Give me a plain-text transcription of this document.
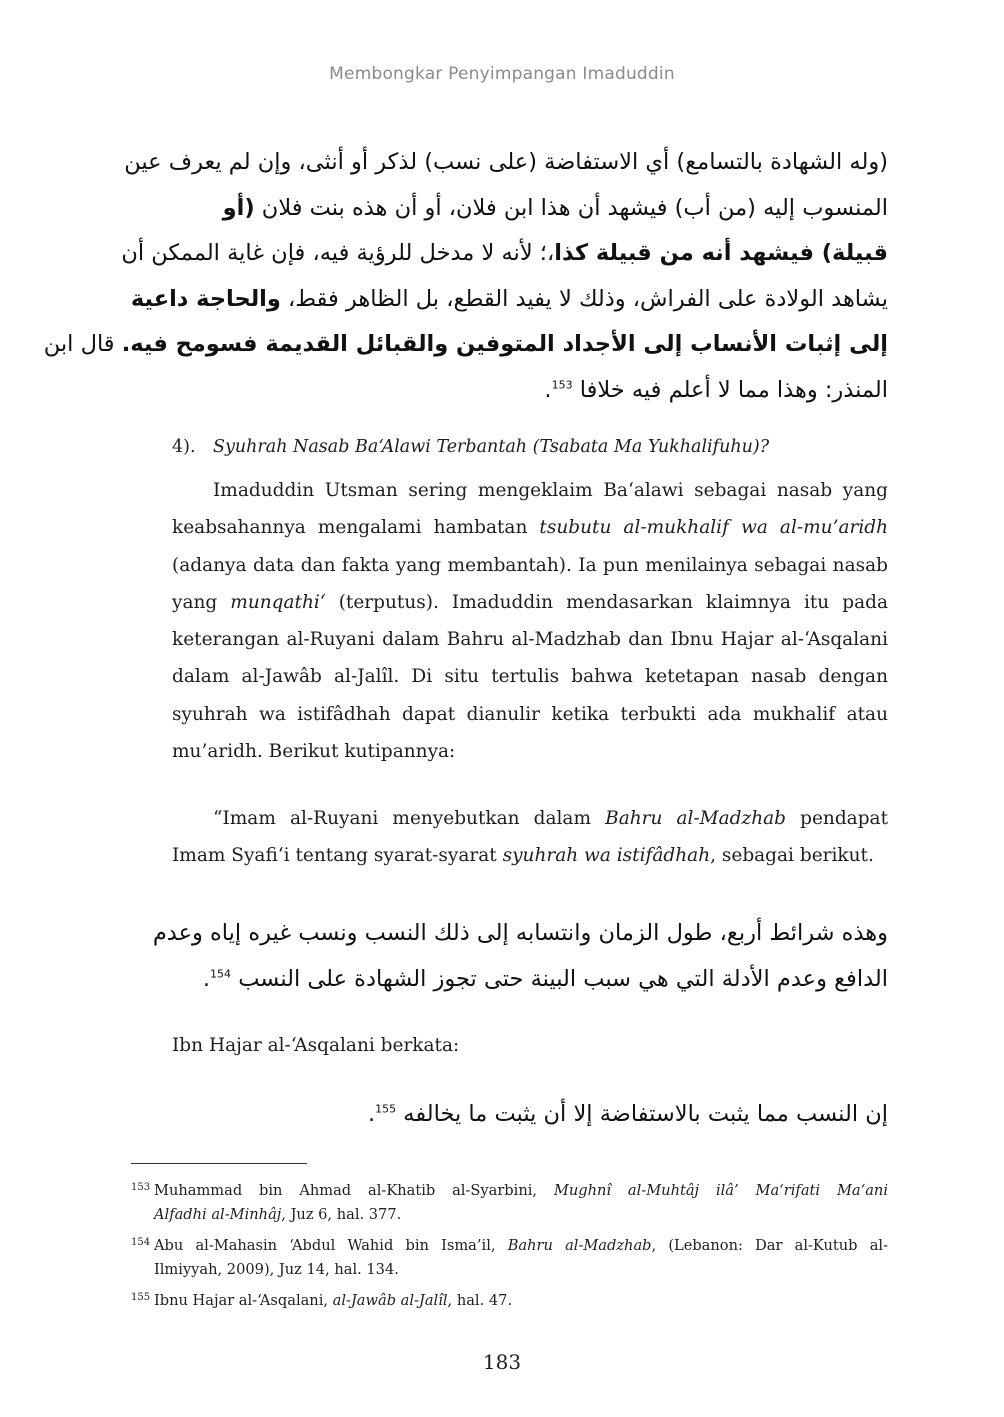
Membongkar Penyimpangan Imaduddin
(وله الشهادة بالتسامع) أي الاستفاضة (على نسب) لذكر أو أنثى، وإن لم يعرف عين
المنسوب إليه (من أب) فيشهد أن هذا ابن فلان، أو أن هذه بنت فلان (أو
قبيلة) فيشهد أنه من قبيلة كذا،؛ لأنه لا مدخل للرؤية فيه، فإن غاية الممكن أن
يشاهد الولادة على الفراش، وذلك لا يفيد القطع، بل الظاهر فقط، والحاجة داعية
إلى إثبات الأنساب إلى الأجداد المتوفين والقبائل القديمة فسومح فيه. قال ابن
المنذر: وهذا مما لا أعلم فيه خلافا $^{153}$.
4). Syuhrah Nasab Ba‘Alawi Terbantah (Tsabata Ma Yukhalifuhu)?
Imaduddin Utsman sering mengeklaim Ba‘alawi sebagai nasab yang
keabsahannya mengalami hambatan tsubutu al-mukhalif wa al-mu’aridh
(adanya data dan fakta yang membantah). Ia pun menilainya sebagai nasab
yang munqathi‘ (terputus). Imaduddin mendasarkan klaimnya itu pada
keterangan al-Ruyani dalam Bahru al-Madzhab dan Ibnu Hajar al-‘Asqalani
dalam al-Jawâb al-Jalîl. Di situ tertulis bahwa ketetapan nasab dengan
syuhrah wa istifâdhah dapat dianulir ketika terbukti ada mukhalif atau
mu’aridh. Berikut kutipannya:
“Imam al-Ruyani menyebutkan dalam Bahru al-Madzhab pendapat
Imam Syafi‘i tentang syarat-syarat syuhrah wa istifâdhah, sebagai berikut.
وهذه شرائط أربع، طول الزمان وانتسابه إلى ذلك النسب ونسب غيره إياه وعدم
الدافع وعدم الأدلة التي هي سبب البينة حتى تجوز الشهادة على النسب $^{154}$.
Ibn Hajar al-‘Asqalani berkata:
إن النسب مما يثبت بالاستفاضة إلا أن يثبت ما يخالفه $^{155}$.
153 Muhammad bin Ahmad al-Khatib al-Syarbini, Mughnî al-Muhtâj ilâ’ Ma‘rifati Ma‘ani
Alfadhi al-Minhâj, Juz 6, hal. 377.
154 Abu al-Mahasin ‘Abdul Wahid bin Isma’il, Bahru al-Madzhab, (Lebanon: Dar al-Kutub al-
Ilmiyyah, 2009), Juz 14, hal. 134.
155 Ibnu Hajar al-‘Asqalani, al-Jawâb al-Jalîl, hal. 47.
183
